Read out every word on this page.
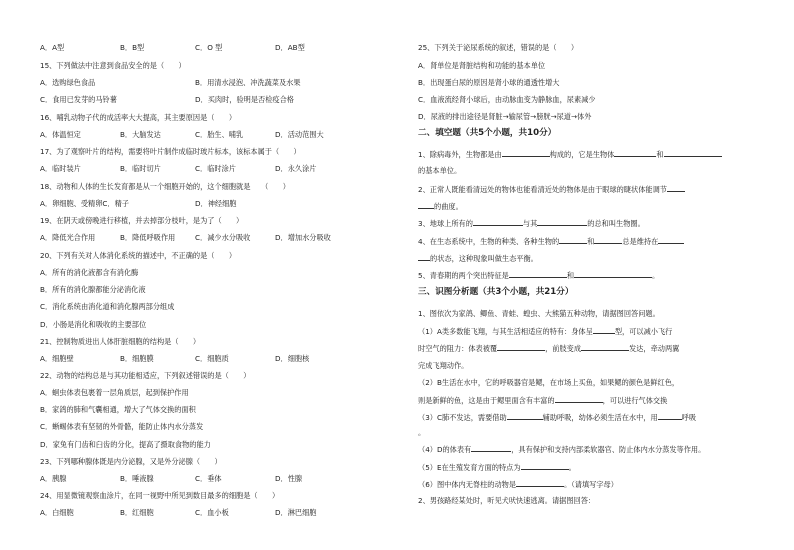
A．A型	B．B型	C．O 型	D．AB型
15、下列做法中注意到食品安全的是（　　）
A．选购绿色食品	B．用清水浸泡、冲洗蔬菜及水果
C．食用已发芽的马铃薯	D．买肉时，验明是否检疫合格
16、哺乳动物子代的成活率大大提高，其主要原因是（　　）
A．体温恒定	B．大脑发达	C．胎生、哺乳	D．活动范围大
17、为了观察叶片的结构，需要将叶片制作成临时玻片标本，该标本属于（　　）
A．临时装片	B．临时切片	C．临时涂片	D．永久涂片
18、动物和人体的生长发育都是从一个细胞开始的，这个细胞就是　　（　　）
A．卵细胞、受精卵C．精子	D．神经细胞
19、在阴天或傍晚进行移植，并去掉部分枝叶，是为了（　　）
A．降低光合作用	B．降低呼吸作用	C．减少水分吸收	D．增加水分吸收
20、下列有关对人体消化系统的描述中，不正确的是（　　）
A．所有的消化液都含有消化酶
B．所有的消化腺都能分泌消化液
C．消化系统由消化道和消化腺两部分组成
D．小肠是消化和吸收的主要部位
21、控制物质进出人体肝脏细胞的结构是（　　）
A．细胞壁	B．细胞膜	C．细胞质	D．细胞核
22、动物的结构总是与其功能相适应，下列叙述错误的是（　　）
A．蛔虫体表包裹着一层角质层，起到保护作用
B．家鸽的肺和气囊相通，增大了气体交换的面积
C．蜥蜴体表有坚韧的外骨骼，能防止体内水分蒸发
D．家兔有门齿和臼齿的分化，提高了摄取食物的能力
23、下列哪种腺体既是内分泌腺，又是外分泌腺（　　）
A．胰腺	B．唾液腺	C．垂体	D．性腺
24、用显微镜观察血涂片，在同一视野中所见到数目最多的细胞是（　　）
A．白细胞	B．红细胞	C．血小板	D．淋巴细胞
25、下列关于泌尿系统的叙述，错误的是（　　）
A．肾单位是肾脏结构和功能的基本单位
B．出现蛋白尿的原因是肾小球的通透性增大
C．血液流经肾小球后，由动脉血变为静脉血，尿素减少
D．尿液的排出途径是肾脏→输尿管→膀胱→尿道→体外
二、填空题（共5个小题，共10分）
1、除病毒外，生物都是由	构成的，它是生物体	和
的基本单位。
2、正常人既能看清远处的物体也能看清近处的物体是由于眼球的睫状体能调节
的曲度。
3、地球上所有的	与其	的总和叫生物圈。
4、在生态系统中，生物的种类、各种生物的	和	总是维持在
的状态，这种现象叫做生态平衡。
5、青春期的两个突出特征是	和	。
三、识图分析题（共3个小题，共21分）
1、图依次为家鸽、鲫鱼、青蛙、蝗虫、大熊猫五种动物，请据图回答问题。
（1）A类多数能飞翔，与其生活相适应的特有：身体呈	型，可以减小飞行
时空气的阻力：体表被覆	，前肢变成	发达，牵动两翼
完成飞翔动作。
（2）B生活在水中，它的呼吸器官是鳃，在市场上买鱼，如果鳃的颜色是鲜红色，
则是新鲜的鱼，这是由于鳃里面含有丰富的	，可以进行气体交换
（3）C肺不发达，需要借助	辅助呼吸，幼体必须生活在水中，用	呼吸
。
（4）D的体表有	，具有保护和支持内部柔软器官、防止体内水分蒸发等作用。
（5）E在生殖发育方面的特点为	。
（6）图中体内无脊柱的动物是	。（请填写字母）
2、男孩路经某处时，听见犬吠快速逃离。请据图回答：
